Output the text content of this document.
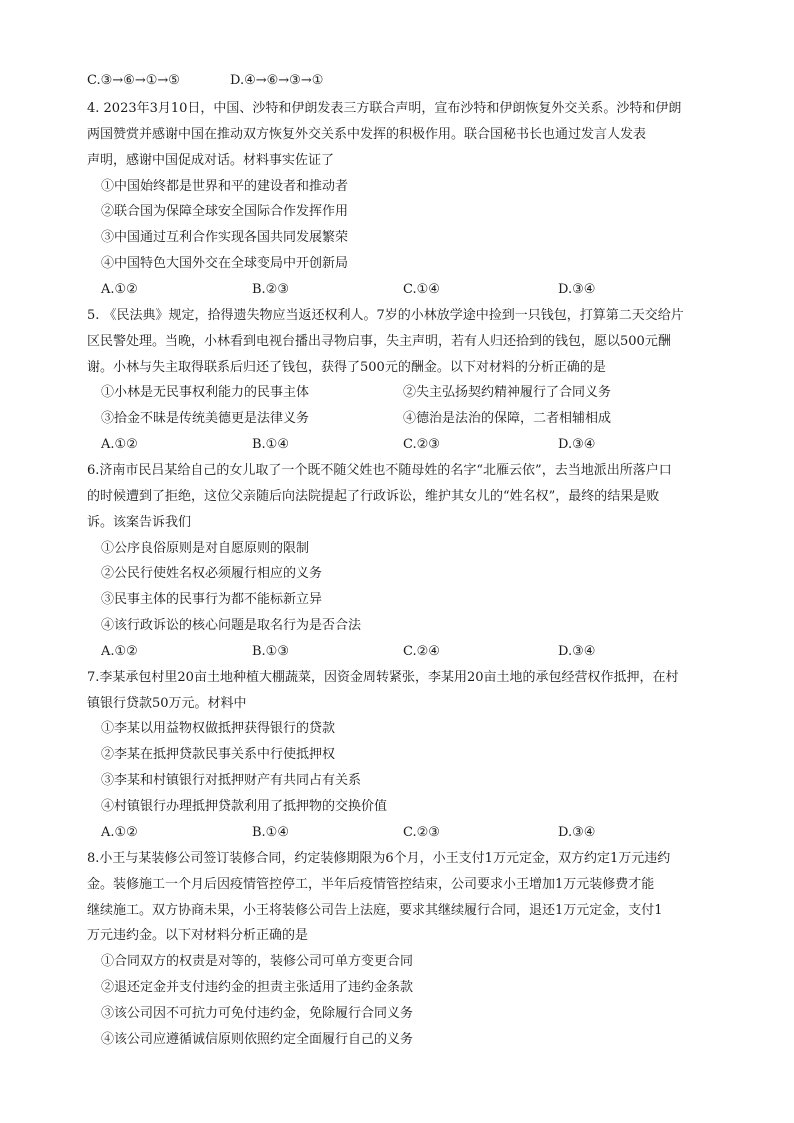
C.③→⑥→①→⑤	D.④→⑥→③→①
4. 2023年3月10日，中国、沙特和伊朗发表三方联合声明，宣布沙特和伊朗恢复外交关系。沙特和伊朗
两国赞赏并感谢中国在推动双方恢复外交关系中发挥的积极作用。联合国秘书长也通过发言人发表
声明，感谢中国促成对话。材料事实佐证了
①中国始终都是世界和平的建设者和推动者
②联合国为保障全球安全国际合作发挥作用
③中国通过互利合作实现各国共同发展繁荣
④中国特色大国外交在全球变局中开创新局
A.①②	B.②③	C.①④	D.③④
5. 《民法典》规定，拾得遗失物应当返还权利人。7岁的小林放学途中捡到一只钱包，打算第二天交给片
区民警处理。当晚，小林看到电视台播出寻物启事，失主声明，若有人归还拾到的钱包，愿以500元酬
谢。小林与失主取得联系后归还了钱包，获得了500元的酬金。以下对材料的分析正确的是
①小林是无民事权利能力的民事主体	②失主弘扬契约精神履行了合同义务
③拾金不昧是传统美德更是法律义务	④德治是法治的保障，二者相辅相成
A.①②	B.①④	C.②③	D.③④
6.济南市民吕某给自己的女儿取了一个既不随父姓也不随母姓的名字“北雁云依”，去当地派出所落户口
的时候遭到了拒绝，这位父亲随后向法院提起了行政诉讼，维护其女儿的“姓名权”，最终的结果是败
诉。该案告诉我们
①公序良俗原则是对自愿原则的限制
②公民行使姓名权必须履行相应的义务
③民事主体的民事行为都不能标新立异
④该行政诉讼的核心问题是取名行为是否合法
A.①②	B.①③	C.②④	D.③④
7.李某承包村里20亩土地种植大棚蔬菜，因资金周转紧张，李某用20亩土地的承包经营权作抵押，在村
镇银行贷款50万元。材料中
①李某以用益物权做抵押获得银行的贷款
②李某在抵押贷款民事关系中行使抵押权
③李某和村镇银行对抵押财产有共同占有关系
④村镇银行办理抵押贷款利用了抵押物的交换价值
A.①②	B.①④	C.②③	D.③④
8.小王与某装修公司签订装修合同，约定装修期限为6个月，小王支付1万元定金，双方约定1万元违约
金。装修施工一个月后因疫情管控停工，半年后疫情管控结束，公司要求小王增加1万元装修费才能
继续施工。双方协商未果，小王将装修公司告上法庭，要求其继续履行合同，退还1万元定金，支付1
万元违约金。以下对材料分析正确的是
①合同双方的权责是对等的，装修公司可单方变更合同
②退还定金并支付违约金的担责主张适用了违约金条款
③该公司因不可抗力可免付违约金，免除履行合同义务
④该公司应遵循诚信原则依照约定全面履行自己的义务
